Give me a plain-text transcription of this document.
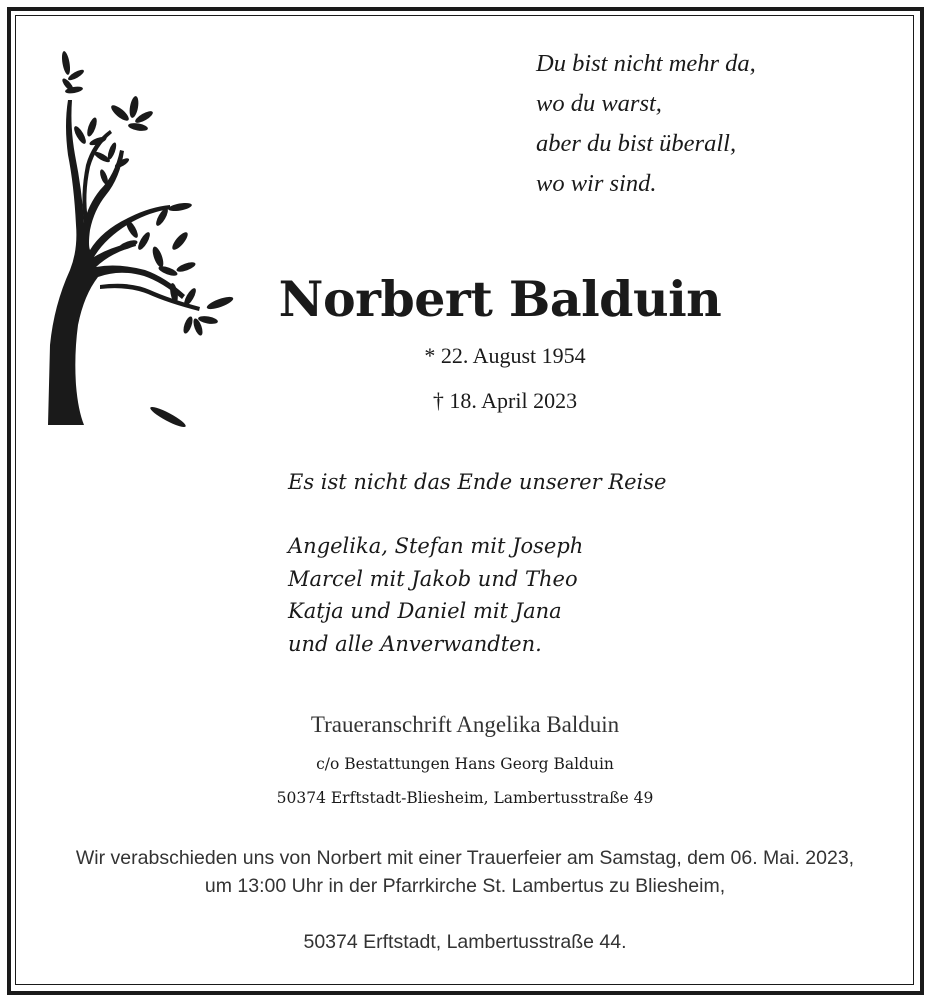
Du bist nicht mehr da,
wo du warst,
aber du bist überall,
wo wir sind.
Norbert Balduin
* 22. August 1954
† 18. April 2023
Es ist nicht das Ende unserer Reise
Angelika, Stefan mit Joseph
Marcel mit Jakob und Theo
Katja und Daniel mit Jana
und alle Anverwandten.
Traueranschrift Angelika Balduin
c/o Bestattungen Hans Georg Balduin
50374 Erftstadt-Bliesheim, Lambertusstraße 49
Wir verabschieden uns von Norbert mit einer Trauerfeier am Samstag, dem 06. Mai. 2023,
um 13:00 Uhr in der Pfarrkirche St. Lambertus zu Bliesheim,
50374 Erftstadt, Lambertusstraße 44.
